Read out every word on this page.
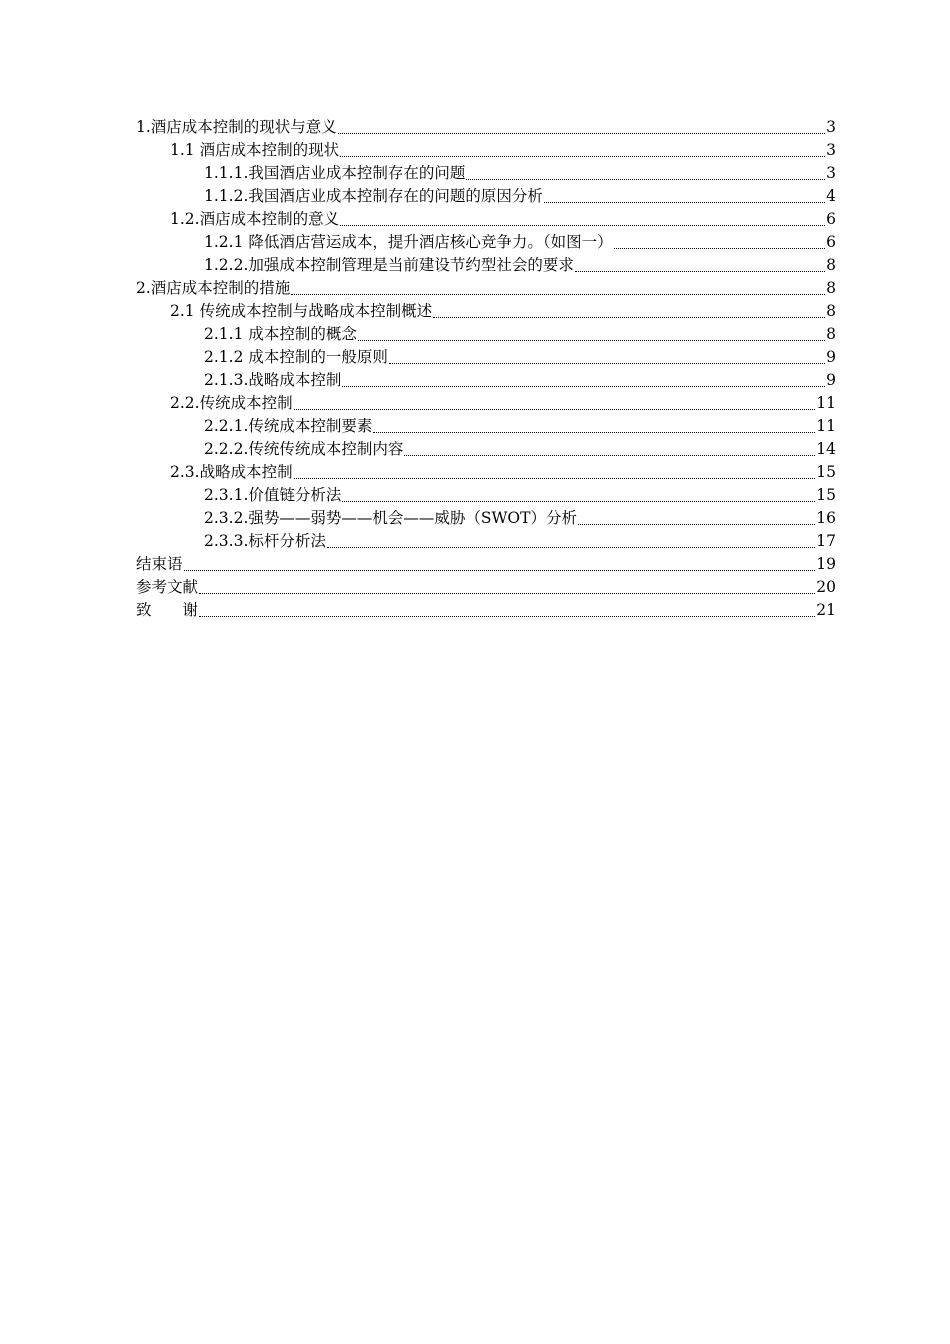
1.酒店成本控制的现状与意义	3
1.1 酒店成本控制的现状	3
1.1.1.我国酒店业成本控制存在的问题	3
1.1.2.我国酒店业成本控制存在的问题的原因分析	4
1.2.酒店成本控制的意义	6
1.2.1 降低酒店营运成本，提升酒店核心竞争力。（如图一）	6
1.2.2.加强成本控制管理是当前建设节约型社会的要求	8
2.酒店成本控制的措施	8
2.1 传统成本控制与战略成本控制概述	8
2.1.1 成本控制的概念	8
2.1.2 成本控制的一般原则	9
2.1.3.战略成本控制	9
2.2.传统成本控制	11
2.2.1.传统成本控制要素	11
2.2.2.传统传统成本控制内容	14
2.3.战略成本控制	15
2.3.1.价值链分析法	15
2.3.2.强势——弱势——机会——威胁（SWOT）分析	16
2.3.3.标杆分析法	17
结束语	19
参考文献	20
致　　谢	21
